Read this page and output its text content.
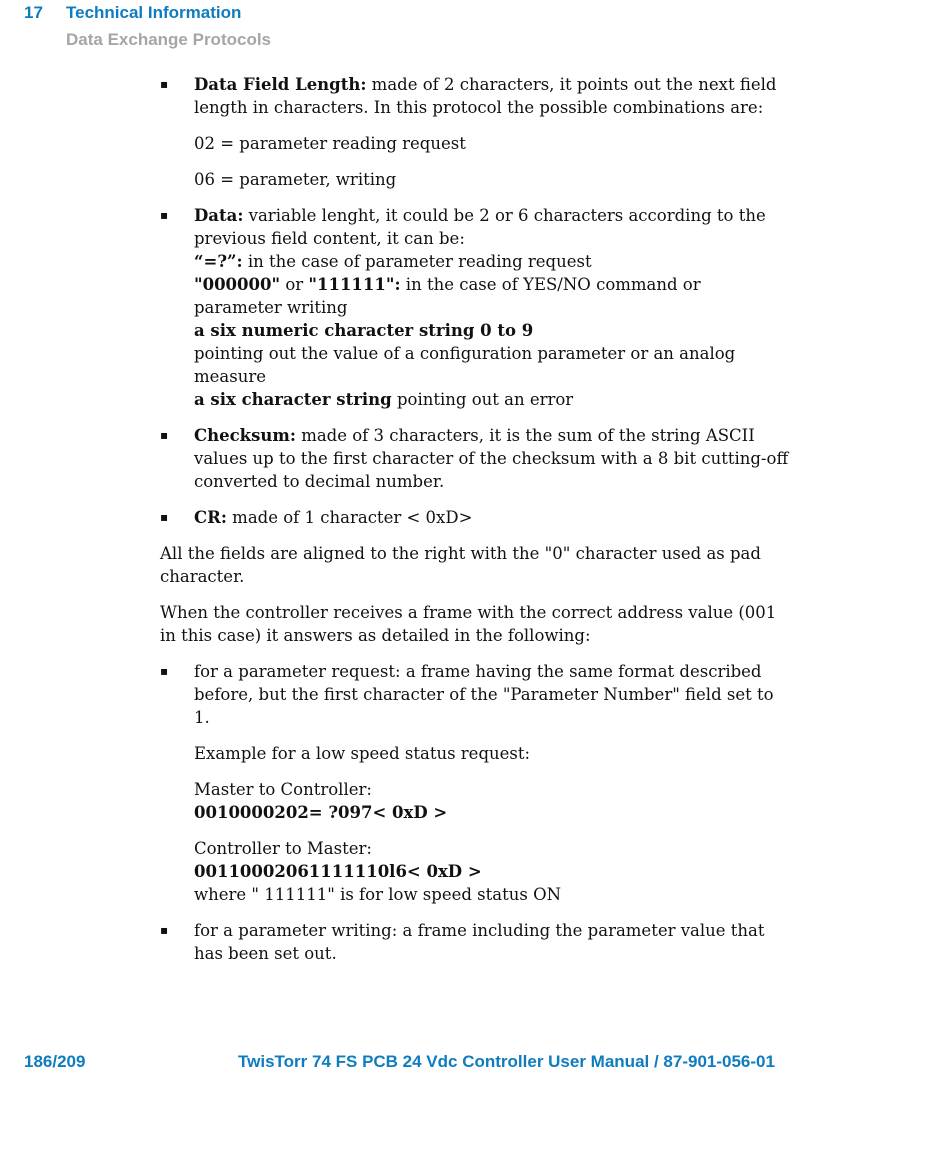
17 Technical Information
Data Exchange Protocols
▪	Data Field Length: made of 2 characters, it points out the next field length in characters. In this protocol the possible combinations are:
02 = parameter reading request
06 = parameter, writing
▪	Data: variable lenght, it could be 2 or 6 characters according to the previous field content, it can be:
“=?”: in the case of parameter reading request
"000000" or "111111": in the case of YES/NO command or parameter writing
a six numeric character string 0 to 9
pointing out the value of a configuration parameter or an analog measure
a six character string pointing out an error
▪	Checksum: made of 3 characters, it is the sum of the string ASCII values up to the first character of the checksum with a 8 bit cutting-off converted to decimal number.
▪	CR: made of 1 character < 0xD>
All the fields are aligned to the right with the "0" character used as pad character.
When the controller receives a frame with the correct address value (001 in this case) it answers as detailed in the following:
▪	for a parameter request: a frame having the same format described before, but the first character of the "Parameter Number" field set to 1.
Example for a low speed status request:
Master to Controller:
0010000202= ?097< 0xD >
Controller to Master:
00110002061111110l6< 0xD >
where " 111111" is for low speed status ON
▪	for a parameter writing: a frame including the parameter value that has been set out.
186/209	TwisTorr 74 FS PCB 24 Vdc Controller User Manual / 87-901-056-01
